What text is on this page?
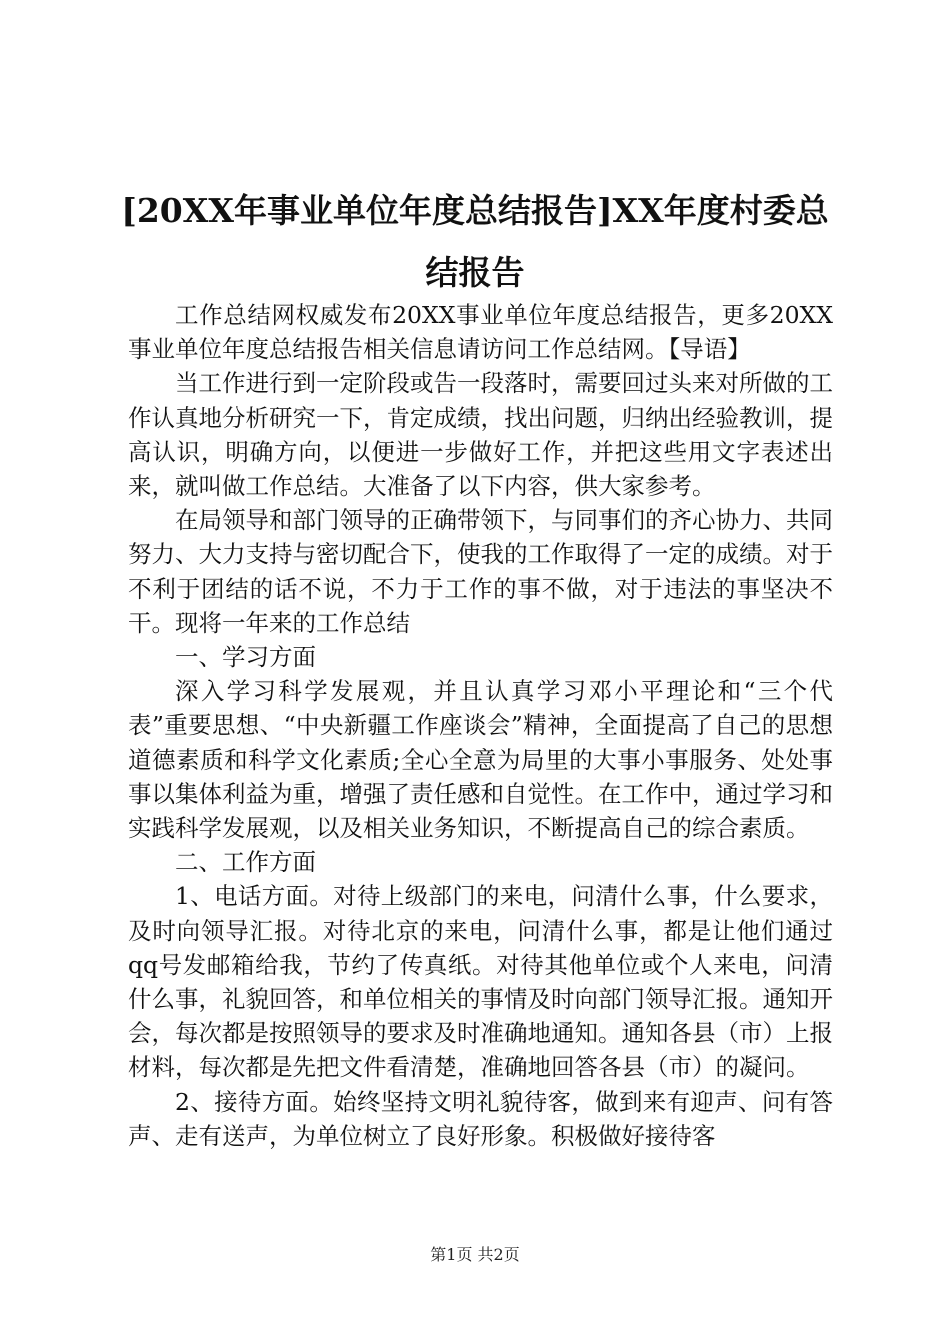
[20XX年事业单位年度总结报告]XX年度村委总结报告

工作总结网权威发布20XX事业单位年度总结报告，更多20XX事业单位年度总结报告相关信息请访问工作总结网。【导语】

当工作进行到一定阶段或告一段落时，需要回过头来对所做的工作认真地分析研究一下，肯定成绩，找出问题，归纳出经验教训，提高认识，明确方向，以便进一步做好工作，并把这些用文字表述出来，就叫做工作总结。大准备了以下内容，供大家参考。

在局领导和部门领导的正确带领下，与同事们的齐心协力、共同努力、大力支持与密切配合下，使我的工作取得了一定的成绩。对于不利于团结的话不说，不力于工作的事不做，对于违法的事坚决不干。现将一年来的工作总结

一、学习方面

深入学习科学发展观，并且认真学习邓小平理论和“三个代表”重要思想、“中央新疆工作座谈会”精神，全面提高了自己的思想道德素质和科学文化素质;全心全意为局里的大事小事服务、处处事事以集体利益为重，增强了责任感和自觉性。在工作中，通过学习和实践科学发展观，以及相关业务知识，不断提高自己的综合素质。

二、工作方面

1、电话方面。对待上级部门的来电，问清什么事，什么要求，及时向领导汇报。对待北京的来电，问清什么事，都是让他们通过qq号发邮箱给我，节约了传真纸。对待其他单位或个人来电，问清什么事，礼貌回答，和单位相关的事情及时向部门领导汇报。通知开会，每次都是按照领导的要求及时准确地通知。通知各县（市）上报材料，每次都是先把文件看清楚，准确地回答各县（市）的凝问。

2、接待方面。始终坚持文明礼貌待客，做到来有迎声、问有答声、走有送声，为单位树立了良好形象。积极做好接待客

第1页 共2页
